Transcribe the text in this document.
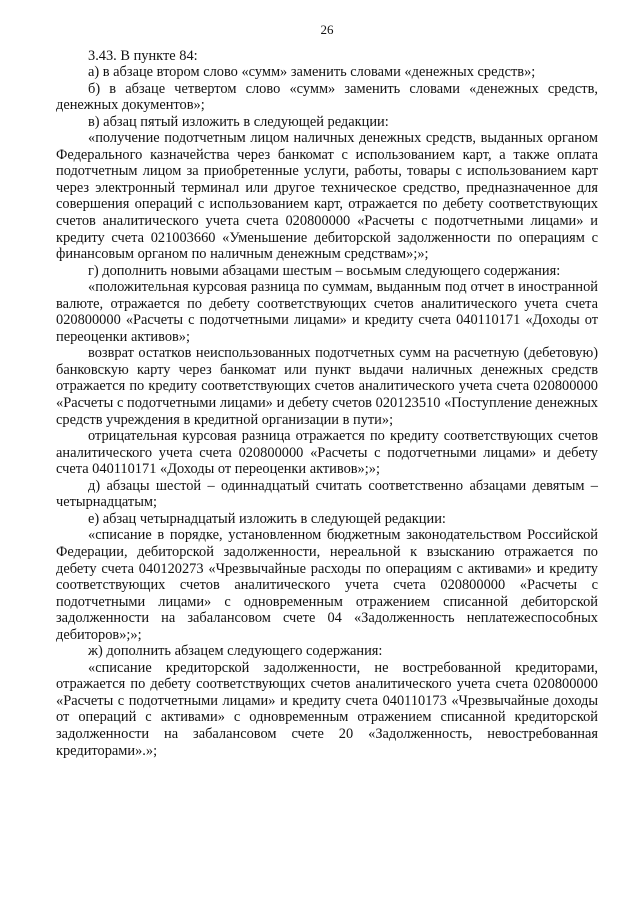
26

3.43. В пункте 84:

а) в абзаце втором слово «сумм» заменить словами «денежных средств»;

б) в абзаце четвертом слово «сумм» заменить словами «денежных средств, денежных документов»;

в) абзац пятый изложить в следующей редакции:

«получение подотчетным лицом наличных денежных средств, выданных органом Федерального казначейства через банкомат с использованием карт, а также оплата подотчетным лицом за приобретенные услуги, работы, товары с использованием карт через электронный терминал или другое техническое средство, предназначенное для совершения операций с использованием карт, отражается по дебету соответствующих счетов аналитического учета счета 020800000 «Расчеты с подотчетными лицами» и кредиту счета 021003660 «Уменьшение дебиторской задолженности по операциям с финансовым органом по наличным денежным средствам»;»;

г) дополнить новыми абзацами шестым – восьмым следующего содержания:

«положительная курсовая разница по суммам, выданным под отчет в иностранной валюте, отражается по дебету соответствующих счетов аналитического учета счета 020800000 «Расчеты с подотчетными лицами» и кредиту счета 040110171 «Доходы от переоценки активов»;

возврат остатков неиспользованных подотчетных сумм на расчетную (дебетовую) банковскую карту через банкомат или пункт выдачи наличных денежных средств отражается по кредиту соответствующих счетов аналитического учета счета 020800000 «Расчеты с подотчетными лицами» и дебету счетов 020123510 «Поступление денежных средств учреждения в кредитной организации в пути»;

отрицательная курсовая разница отражается по кредиту соответствующих счетов аналитического учета счета 020800000 «Расчеты с подотчетными лицами» и дебету счета 040110171 «Доходы от переоценки активов»;»;

д) абзацы шестой – одиннадцатый считать соответственно абзацами девятым – четырнадцатым;

е) абзац четырнадцатый изложить в следующей редакции:

«списание в порядке, установленном бюджетным законодательством Российской Федерации, дебиторской задолженности, нереальной к взысканию отражается по дебету счета 040120273 «Чрезвычайные расходы по операциям с активами» и кредиту соответствующих счетов аналитического учета счета 020800000 «Расчеты с подотчетными лицами» с одновременным отражением списанной дебиторской задолженности на забалансовом счете 04 «Задолженность неплатежеспособных дебиторов»;»;

ж) дополнить абзацем следующего содержания:

«списание кредиторской задолженности, не востребованной кредиторами, отражается по дебету соответствующих счетов аналитического учета счета 020800000 «Расчеты с подотчетными лицами» и кредиту счета 040110173 «Чрезвычайные доходы от операций с активами» с одновременным отражением списанной кредиторской задолженности на забалансовом счете 20 «Задолженность, невостребованная кредиторами».»;
